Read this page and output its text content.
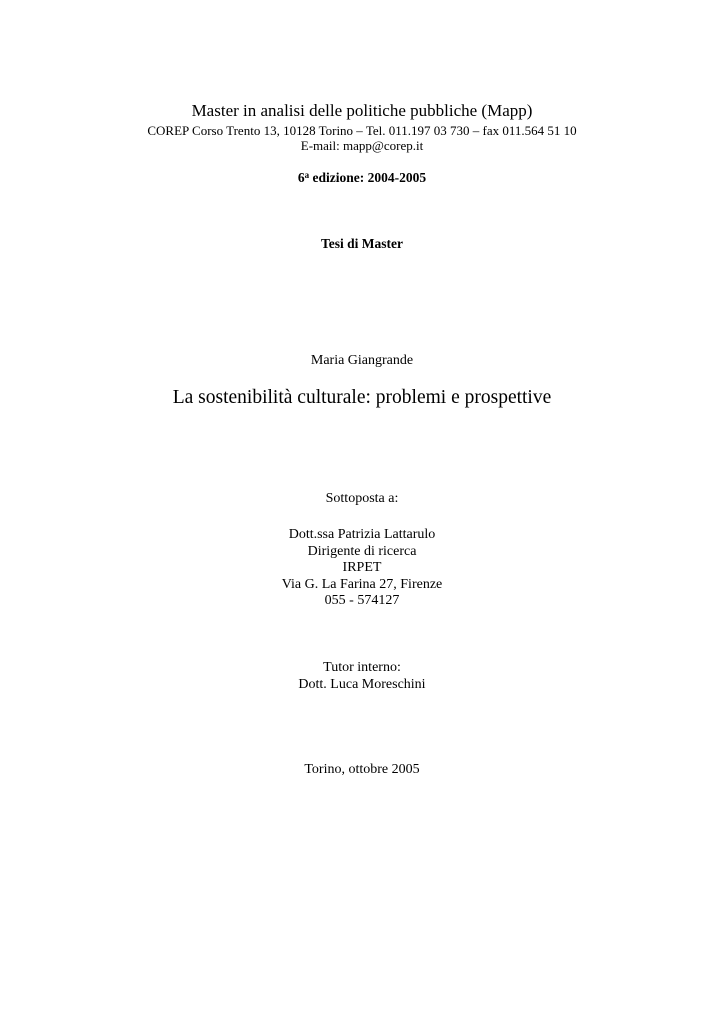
Master in analisi delle politiche pubbliche (Mapp)
COREP Corso Trento 13, 10128 Torino – Tel. 011.197 03 730 – fax 011.564 51 10
E-mail: mapp@corep.it
6$^a$ edizione: 2004-2005
Tesi di Master
Maria Giangrande
La sostenibilità culturale: problemi e prospettive
Sottoposta a:
Dott.ssa Patrizia Lattarulo
Dirigente di ricerca
IRPET
Via G. La Farina 27, Firenze
055 - 574127
Tutor interno:
Dott. Luca Moreschini
Torino, ottobre 2005
